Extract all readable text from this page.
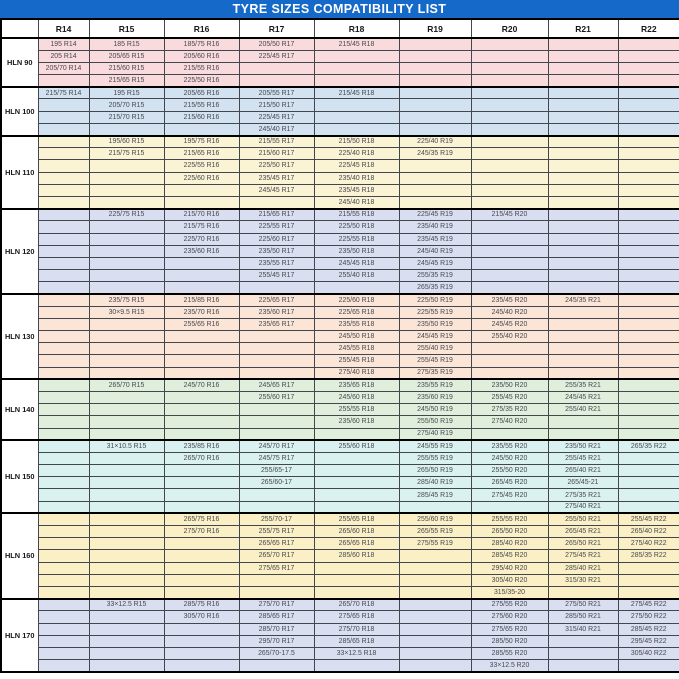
TYRE SIZES COMPATIBILITY LIST
	R14	R15	R16	R17	R18	R19	R20	R21	R22
HLN 90	195 R14	185 R15	185/75 R16	205/50 R17	215/45 R18				
	205 R14	205/65 R15	205/60 R16	225/45 R17					
	205/70 R14	215/60 R15	215/55 R16						
		215/65 R15	225/50 R16						
HLN 100	215/75 R14	195 R15	205/65 R16	205/55 R17	215/45 R18				
		205/70 R15	215/55 R16	215/50 R17					
		215/70 R15	215/60 R16	225/45 R17					
				245/40 R17					
HLN 110		195/60 R15	195/75 R16	215/55 R17	215/50 R18	225/40 R19			
		215/75 R15	215/65 R16	215/60 R17	225/40 R18	245/35 R19			
			225/55 R16	225/50 R17	225/45 R18				
			225/60 R16	235/45 R17	235/40 R18				
				245/45 R17	235/45 R18				
					245/40 R18				
HLN 120		225/75 R15	215/70 R16	215/65 R17	215/55 R18	225/45 R19	215/45 R20		
			215/75 R16	225/55 R17	225/50 R18	235/40 R19			
			225/70 R16	225/60 R17	225/55 R18	235/45 R19			
			235/60 R16	235/50 R17	235/50 R18	245/40 R19			
				235/55 R17	245/45 R18	245/45 R19			
				255/45 R17	255/40 R18	255/35 R19			
						265/35 R19			
HLN 130		235/75 R15	215/85 R16	225/65 R17	225/60 R18	225/50 R19	235/45 R20	245/35 R21	
		30×9.5 R15	235/70 R16	235/60 R17	225/65 R18	225/55 R19	245/40 R20		
			255/65 R16	235/65 R17	235/55 R18	235/50 R19	245/45 R20		
					245/50 R18	245/45 R19	255/40 R20		
					245/55 R18	255/40 R19			
					255/45 R18	255/45 R19			
					275/40 R18	275/35 R19			
HLN 140		265/70 R15	245/70 R16	245/65 R17	235/65 R18	235/55 R19	235/50 R20	255/35 R21	
				255/60 R17	245/60 R18	235/60 R19	255/45 R20	245/45 R21	
					255/55 R18	245/50 R19	275/35 R20	255/40 R21	
					235/60 R18	255/50 R19	275/40 R20		
						275/40 R19			
HLN 150		31×10.5 R15	235/85 R16	245/70 R17	255/60 R18	245/55 R19	235/55 R20	235/50 R21	265/35 R22
			265/70 R16	245/75 R17		255/55 R19	245/50 R20	255/45 R21	
				255/65-17		265/50 R19	255/50 R20	265/40 R21	
				265/60-17		285/40 R19	265/45 R20	265/45-21	
						285/45 R19	275/45 R20	275/35 R21	
								275/40 R21	
HLN 160			265/75 R16	255/70-17	255/65 R18	255/60 R19	255/55 R20	255/50 R21	255/45 R22
			275/70 R16	255/75 R17	265/60 R18	265/55 R19	265/50 R20	265/45 R21	265/40 R22
				265/65 R17	265/65 R18	275/55 R19	285/40 R20	265/50 R21	275/40 R22
				265/70 R17	285/60 R18		285/45 R20	275/45 R21	285/35 R22
				275/65 R17			295/40 R20	285/40 R21	
							305/40 R20	315/30 R21	
							315/35-20		
HLN 170		33×12.5 R15	285/75 R16	275/70 R17	265/70 R18		275/55 R20	275/50 R21	275/45 R22
			305/70 R16	285/65 R17	275/65 R18		275/60 R20	285/50 R21	275/50 R22
				285/70 R17	275/70 R18		275/65 R20	315/40 R21	285/45 R22
				295/70 R17	285/65 R18		285/50 R20		295/45 R22
				265/70-17.5	33×12.5 R18		285/55 R20		305/40 R22
							33×12.5 R20		
